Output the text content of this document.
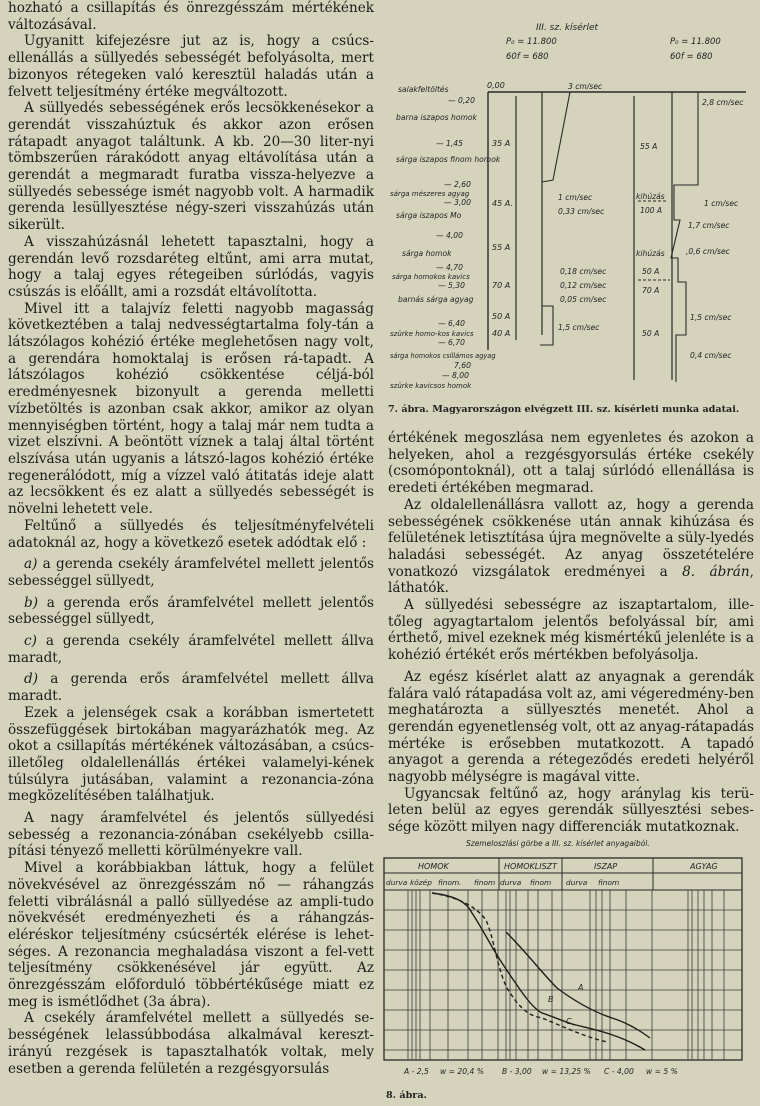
hozható a csillapítás és önrezgésszám mértékének változásával.

Ugyanitt kifejezésre jut az is, hogy a csúcs-ellenállás a süllyedés sebességét befolyásolta, mert bizonyos rétegeken való keresztül haladás után a felvett teljesítmény értéke megváltozott.

A süllyedés sebességének erős lecsökkenésekor a gerendát visszahúztuk és akkor azon erősen rátapadt anyagot találtunk. A kb. 20—30 liter-nyi tömbszerűen rárakódott anyag eltávolítása után a gerendát a megmaradt furatba vissza-helyezve a süllyedés sebessége ismét nagyobb volt. A harmadik gerenda lesüllyesztése négy-szeri visszahúzás után sikerült.

A visszahúzásnál lehetett tapasztalni, hogy a gerendán levő rozsdaréteg eltűnt, ami arra mutat, hogy a talaj egyes rétegeiben súrlódás, vagyis csúszás is előállt, ami a rozsdát eltávolította.

Mivel itt a talajvíz feletti nagyobb magasság következtében a talaj nedvességtartalma foly-tán a látszólagos kohézió értéke meglehetősen nagy volt, a gerendára homoktalaj is erősen rá-tapadt. A látszólagos kohézió csökkentése céljá-ból eredményesnek bizonyult a gerenda melletti vízbetöltés is azonban csak akkor, amikor az olyan mennyiségben történt, hogy a talaj már nem tudta a vizet elszívni. A beöntött víznek a talaj által történt elszívása után ugyanis a látszó-lagos kohézió értéke regenerálódott, míg a vízzel való átitatás ideje alatt az lecsökkent és ez alatt a süllyedés sebességét is növelni lehetett vele.

Feltűnő a süllyedés és teljesítményfelvételi adatoknál az, hogy a következő esetek adódtak elő :

a) a gerenda csekély áramfelvétel mellett jelentős sebességgel süllyedt,

b) a gerenda erős áramfelvétel mellett jelentős sebességgel süllyedt,

c) a gerenda csekély áramfelvétel mellett állva maradt,

d) a gerenda erős áramfelvétel mellett állva maradt.

Ezek a jelenségek csak a korábban ismertetett összefüggések birtokában magyarázhatók meg. Az okot a csillapítás mértékének változásában, a csúcs- illetőleg oldalellenállás értékei valamelyi-kének túlsúlyra jutásában, valamint a rezonancia-zóna megközelítésében találhatjuk.

A nagy áramfelvétel és jelentős süllyedési sebesség a rezonancia-zónában csekélyebb csilla-pítási tényező melletti körülményekre vall.

Mivel a korábbiakban láttuk, hogy a felület növekvésével az önrezgésszám nő — ráhangzás feletti vibrálásnál a palló süllyedése az ampli-tudo növekvését eredményezheti és a ráhangzás-eléréskor teljesítmény csúcsérték elérése is lehet-séges. A rezonancia meghaladása viszont a fel-vett teljesítmény csökkenésével jár együtt. Az önrezgésszám előforduló többértékűsége miatt ez meg is ismétlődhet (3a ábra).

A csekély áramfelvétel mellett a süllyedés se-bességének lelassúbbodása alkalmával kereszt-irányú rezgések is tapasztalhatók voltak, mely esetben a gerenda felületén a rezgésgyorsulás

III. sz. kísérlet
P₀ = 11.800
60f = 680
P₀ = 11.800
60f = 680
0,00
salakfeltöltés
— 0,20
barna iszapos homok
— 1,45
sárga iszapos finom homok
— 2,60
sárga mészeres agyag
— 3,00
sárga iszapos Mo
— 4,00
sárga homok
— 4,70
sárga homokos kavics
— 5,30
barnás sárga agyag
— 6,40
szürke homo-kos kavics
— 6,70
sárga homokos csillámos agyag
7,60
szürke kavicsos homok
— 8,00
35 A
45 A.
55 A
70 A
50 A
40 A
3 cm/sec
1 cm/sec
0,33 cm/sec
0,18 cm/sec
0,12 cm/sec
0,05 cm/sec
1,5 cm/sec
55 A
kihúzás
100 A
kihúzás
50 A
70 A
50 A
2,8 cm/sec
1 cm/sec
1,7 cm/sec
,0,6 cm/sec
1,5 cm/sec
0,4 cm/sec
7. ábra. Magyarországon elvégzett III. sz. kísérleti munka adatai.

értékének megoszlása nem egyenletes és azokon a helyeken, ahol a rezgésgyorsulás értéke csekély (csomópontoknál), ott a talaj súrlódó ellenállása is eredeti értékében megmarad.

Az oldalellenállásra vallott az, hogy a gerenda sebességének csökkenése után annak kihúzása és felületének letisztítása újra megnövelte a süly-lyedés haladási sebességét. Az anyag összetételére vonatkozó vizsgálatok eredményei a 8. ábrán, láthatók.

A süllyedési sebességre az iszaptartalom, ille-tőleg agyagtartalom jelentős befolyással bír, ami érthető, mivel ezeknek még kismértékű jelenléte is a kohézió értékét erős mértékben befolyásolja.

Az egész kísérlet alatt az anyagnak a gerendák falára való rátapadása volt az, ami végeredmény-ben meghatározta a süllyesztés menetét. Ahol a gerendán egyenetlenség volt, ott az anyag-rátapadás mértéke is erősebben mutatkozott. A tapadó anyagot a gerenda a rétegeződés eredeti helyéről nagyobb mélységre is magával vitte.

Ugyancsak feltűnő az, hogy aránylag kis terü-leten belül az egyes gerendák süllyesztési sebes-sége között milyen nagy differenciák mutatkoznak.

Szemeloszlási görbe a III. sz. kísérlet anyagaiból.
HOMOK	HOMOKLISZT	ISZAP	AGYAG
durva közép finom. finom durva finom durva finom
A
B
C
A - 2,5 w = 20,4 % B - 3,00 w = 13,25 % C - 4,00 w = 5 %
8. ábra.
